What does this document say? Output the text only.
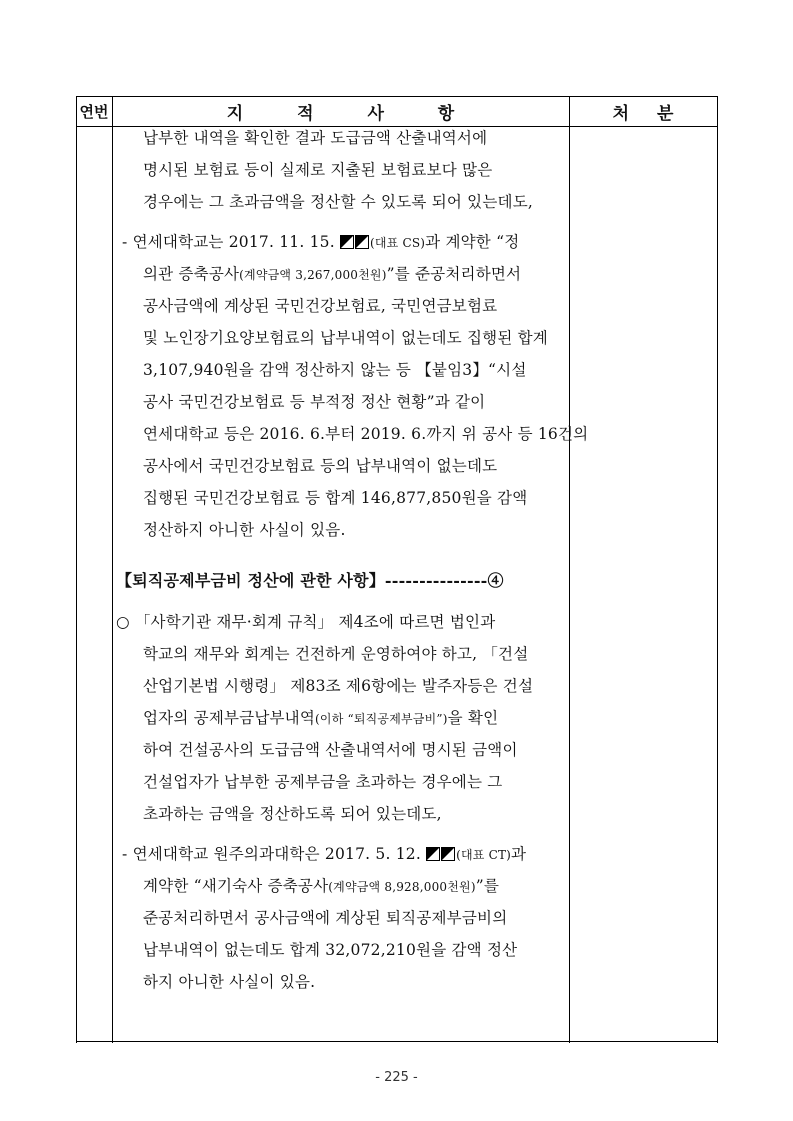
연번	지 적 사 항	처 분
납부한 내역을 확인한 결과 도급금액 산출내역서에
명시된 보험료 등이 실제로 지출된 보험료보다 많은
경우에는 그 초과금액을 정산할 수 있도록 되어 있는데도,
- 연세대학교는 2017. 11. 15.	(대표 CS)과 계약한 “정
의관 증축공사(계약금액 3,267,000천원)”를 준공처리하면서
공사금액에 계상된 국민건강보험료, 국민연금보험료
및 노인장기요양보험료의 납부내역이 없는데도 집행된 합계
3,107,940원을 감액 정산하지 않는 등 【붙임3】“시설
공사 국민건강보험료 등 부적정 정산 현황”과 같이
연세대학교 등은 2016. 6.부터 2019. 6.까지 위 공사 등 16건의
공사에서 국민건강보험료 등의 납부내역이 없는데도
집행된 국민건강보험료 등 합계 146,877,850원을 감액
정산하지 아니한 사실이 있음.
【퇴직공제부금비 정산에 관한 사항】---------------④
○ 「사학기관 재무·회계 규칙」 제4조에 따르면 법인과
학교의 재무와 회계는 건전하게 운영하여야 하고, 「건설
산업기본법 시행령」 제83조 제6항에는 발주자등은 건설
업자의 공제부금납부내역(이하 “퇴직공제부금비”)을 확인
하여 건설공사의 도급금액 산출내역서에 명시된 금액이
건설업자가 납부한 공제부금을 초과하는 경우에는 그
초과하는 금액을 정산하도록 되어 있는데도,
- 연세대학교 원주의과대학은 2017. 5. 12.	(대표 CT)과
계약한 “새기숙사 증축공사(계약금액 8,928,000천원)”를
준공처리하면서 공사금액에 계상된 퇴직공제부금비의
납부내역이 없는데도 합계 32,072,210원을 감액 정산
하지 아니한 사실이 있음.
- 225 -
